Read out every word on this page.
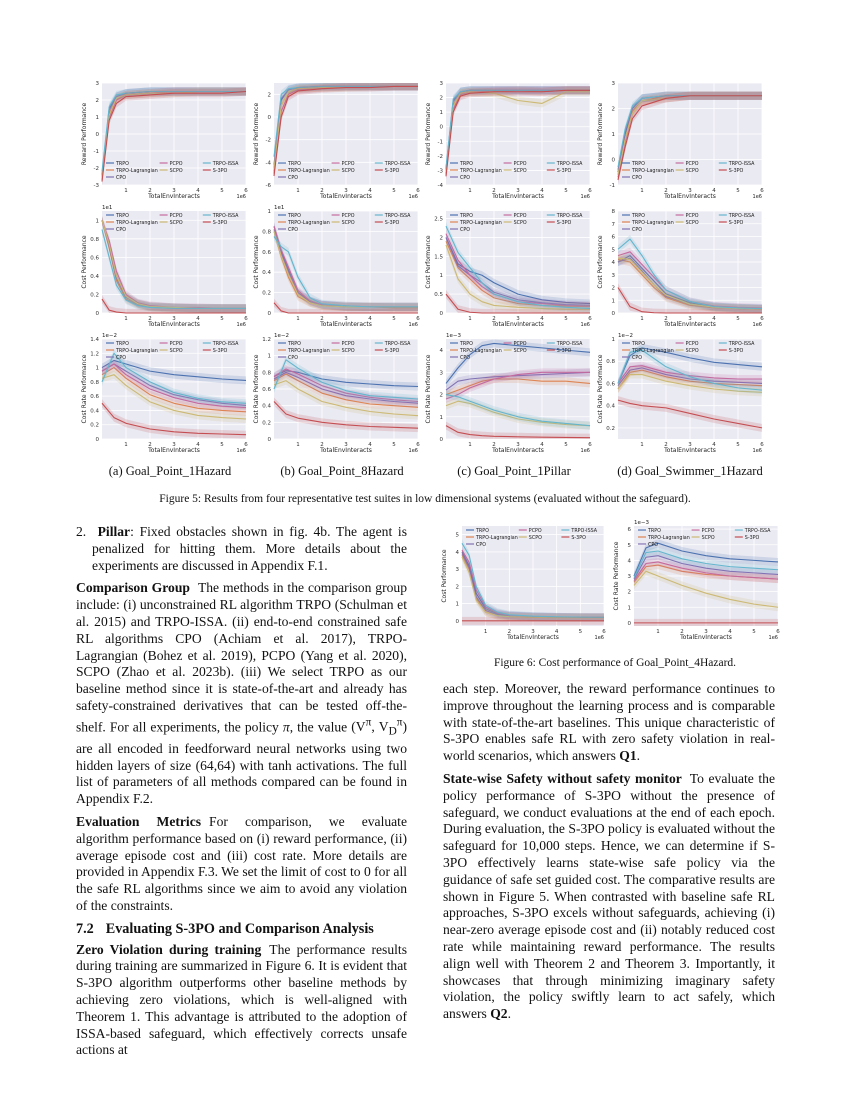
1	2	3	4	5	6
-3
-2
-1
0
1
2
3
TotalEnvInteracts	1e6
Reward Performance	TRPO
TRPO-Lagrangian
CPO
PCPO
SCPO
TRPO-ISSA
S-3PO
1	2	3	4	5	6
-6
-4
-2
0
2
TotalEnvInteracts	1e6
Reward Performance	TRPO
TRPO-Lagrangian
CPO
PCPO
SCPO
TRPO-ISSA
S-3PO
1	2	3	4	5	6
-4
-3
-2
-1
0
1
2
3
TotalEnvInteracts	1e6
Reward Performance	TRPO
TRPO-Lagrangian
CPO
PCPO
SCPO
TRPO-ISSA
S-3PO
1	2	3	4	5	6
-1
0
1
2
3
TotalEnvInteracts	1e6
Reward Performance	TRPO
TRPO-Lagrangian
CPO
PCPO
SCPO
TRPO-ISSA
S-3PO
1	2	3	4	5	6
0
0.2
0.4
0.6
0.8
1
TotalEnvInteracts	1e6
Cost Performance
1e1
TRPO
TRPO-Lagrangian
CPO
PCPO
SCPO
TRPO-ISSA
S-3PO
1	2	3	4	5	6
0
0.2
0.4
0.6
0.8
1
TotalEnvInteracts	1e6
Cost Performance
1e1
TRPO
TRPO-Lagrangian
CPO
PCPO
SCPO
TRPO-ISSA
S-3PO
1	2	3	4	5	6
0
0.5
1
1.5
2
2.5
TotalEnvInteracts	1e6
Cost Performance
TRPO
TRPO-Lagrangian
CPO
PCPO
SCPO
TRPO-ISSA
S-3PO
1	2	3	4	5	6
0
1
2
3
4
5
6
7
8
TotalEnvInteracts	1e6
Cost Performance
TRPO
TRPO-Lagrangian
CPO
PCPO
SCPO
TRPO-ISSA
S-3PO
1	2	3	4	5	6
0
0.2
0.4
0.6
0.8
1
1.2
1.4
TotalEnvInteracts	1e6
Cost Rate Performance
1e−2
TRPO
TRPO-Lagrangian
CPO
PCPO
SCPO
TRPO-ISSA
S-3PO
1	2	3	4	5	6
0
0.2
0.4
0.6
0.8
1
1.2
TotalEnvInteracts	1e6
Cost Rate Performance
1e−2
TRPO
TRPO-Lagrangian
CPO
PCPO
SCPO
TRPO-ISSA
S-3PO
1	2	3	4	5	6
0
1
2
3
4
TotalEnvInteracts	1e6
Cost Rate Performance
1e−3
TRPO
TRPO-Lagrangian
CPO
PCPO
SCPO
TRPO-ISSA
S-3PO
1	2	3	4	5	6
0.2
0.4
0.6
0.8
1
TotalEnvInteracts	1e6
Cost Rate Performance
1e−2
TRPO
TRPO-Lagrangian
CPO
PCPO
SCPO
TRPO-ISSA
S-3PO
(a) Goal_Point_1Hazard	(b) Goal_Point_8Hazard	(c) Goal_Point_1Pillar	(d) Goal_Swimmer_1Hazard
Figure 5: Results from four representative test suites in low dimensional systems (evaluated without the safeguard).
1	2	3	4	5	6
0
1
2
3
4
5
TotalEnvInteracts	1e6
Cost Performance
TRPO
TRPO-Lagrangian
CPO
PCPO
SCPO
TRPO-ISSA
S-3PO
1	2	3	4	5	6
0
1
2
3
4
5
6
TotalEnvInteracts	1e6
Cost Rate Performance
1e−3
TRPO
TRPO-Lagrangian
CPO
PCPO
SCPO
TRPO-ISSA
S-3PO
Figure 6: Cost performance of Goal_Point_4Hazard.

2. Pillar: Fixed obstacles shown in fig. 4b. The agent is penalized for hitting them. More details about the experiments are discussed in Appendix F.1.

Comparison Group The methods in the comparison group include: (i) unconstrained RL algorithm TRPO (Schulman et al. 2015) and TRPO-ISSA. (ii) end-to-end constrained safe RL algorithms CPO (Achiam et al. 2017), TRPO-Lagrangian (Bohez et al. 2019), PCPO (Yang et al. 2020), SCPO (Zhao et al. 2023b). (iii) We select TRPO as our baseline method since it is state-of-the-art and already has safety-constrained derivatives that can be tested off-the-shelf. For all experiments, the policy π, the value ($V^\pi$, $V_D^\pi$) are all encoded in feedforward neural networks using two hidden layers of size (64,64) with tanh activations. The full list of parameters of all methods compared can be found in Appendix F.2.

Evaluation Metrics For comparison, we evaluate algorithm performance based on (i) reward performance, (ii) average episode cost and (iii) cost rate. More details are provided in Appendix F.3. We set the limit of cost to 0 for all the safe RL algorithms since we aim to avoid any violation of the constraints.

7.2 Evaluating S-3PO and Comparison Analysis

Zero Violation during training The performance results during training are summarized in Figure 6. It is evident that S-3PO algorithm outperforms other baseline methods by achieving zero violations, which is well-aligned with Theorem 1. This advantage is attributed to the adoption of ISSA-based safeguard, which effectively corrects unsafe actions at

each step. Moreover, the reward performance continues to improve throughout the learning process and is comparable with state-of-the-art baselines. This unique characteristic of S-3PO enables safe RL with zero safety violation in real-world scenarios, which answers Q1.

State-wise Safety without safety monitor To evaluate the policy performance of S-3PO without the presence of safeguard, we conduct evaluations at the end of each epoch. During evaluation, the S-3PO policy is evaluated without the safeguard for 10,000 steps. Hence, we can determine if S-3PO effectively learns state-wise safe policy via the guidance of safe set guided cost. The comparative results are shown in Figure 5. When contrasted with baseline safe RL approaches, S-3PO excels without safeguards, achieving (i) near-zero average episode cost and (ii) notably reduced cost rate while maintaining reward performance. The results align well with Theorem 2 and Theorem 3. Importantly, it showcases that through minimizing imaginary safety violation, the policy swiftly learn to act safely, which answers Q2.
